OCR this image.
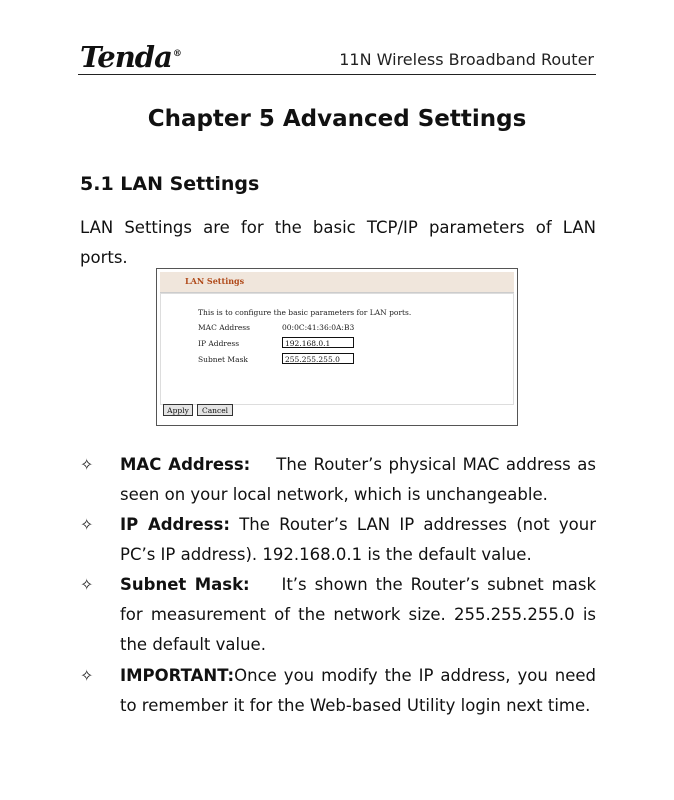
Tenda®	11N Wireless Broadband Router
Chapter 5 Advanced Settings
5.1 LAN Settings
LAN Settings are for the basic TCP/IP parameters of LAN ports.
LAN Settings
This is to configure the basic parameters for LAN ports.
MAC Address	00:0C:41:36:0A:B3
IP Address	192.168.0.1
Subnet Mask	255.255.255.0
Apply	Cancel
✧ MAC Address: The Router’s physical MAC address as seen on your local network, which is unchangeable.
✧ IP Address: The Router’s LAN IP addresses (not your PC’s IP address). 192.168.0.1 is the default value.
✧ Subnet Mask: It’s shown the Router’s subnet mask for measurement of the network size. 255.255.255.0 is the default value.
✧ IMPORTANT:Once you modify the IP address, you need to remember it for the Web-based Utility login next time.
